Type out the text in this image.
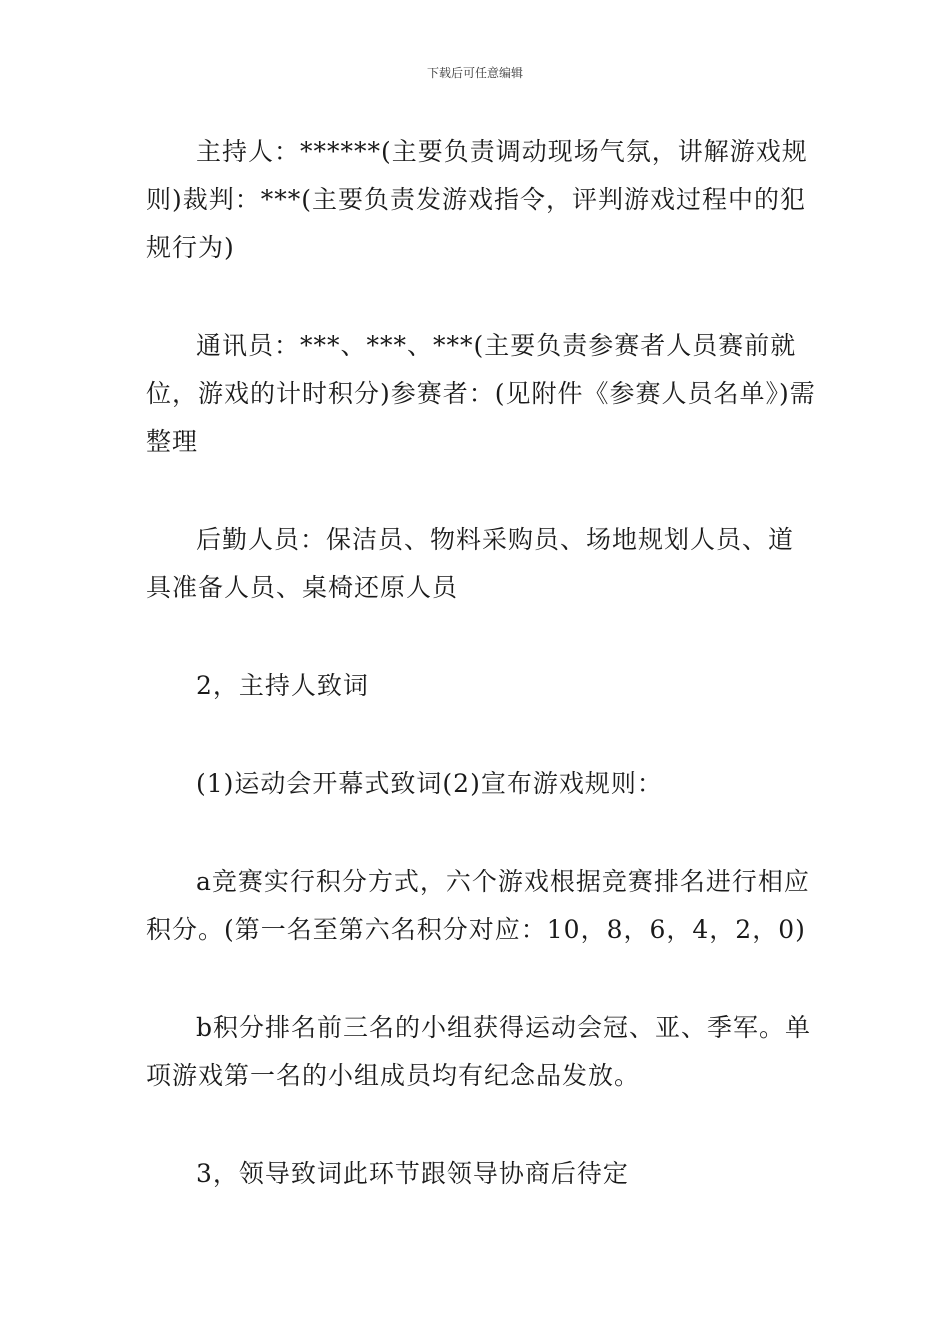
下载后可任意编辑

主持人：******(主要负责调动现场气氛，讲解游戏规则)裁判：***(主要负责发游戏指令，评判游戏过程中的犯规行为)

通讯员：***、***、***(主要负责参赛者人员赛前就位，游戏的计时积分)参赛者：(见附件《参赛人员名单》)需整理

后勤人员：保洁员、物料采购员、场地规划人员、道具准备人员、桌椅还原人员

2，主持人致词

(1)运动会开幕式致词(2)宣布游戏规则：

a竞赛实行积分方式，六个游戏根据竞赛排名进行相应积分。(第一名至第六名积分对应：10，8，6，4，2，0)

b积分排名前三名的小组获得运动会冠、亚、季军。单项游戏第一名的小组成员均有纪念品发放。

3，领导致词此环节跟领导协商后待定
